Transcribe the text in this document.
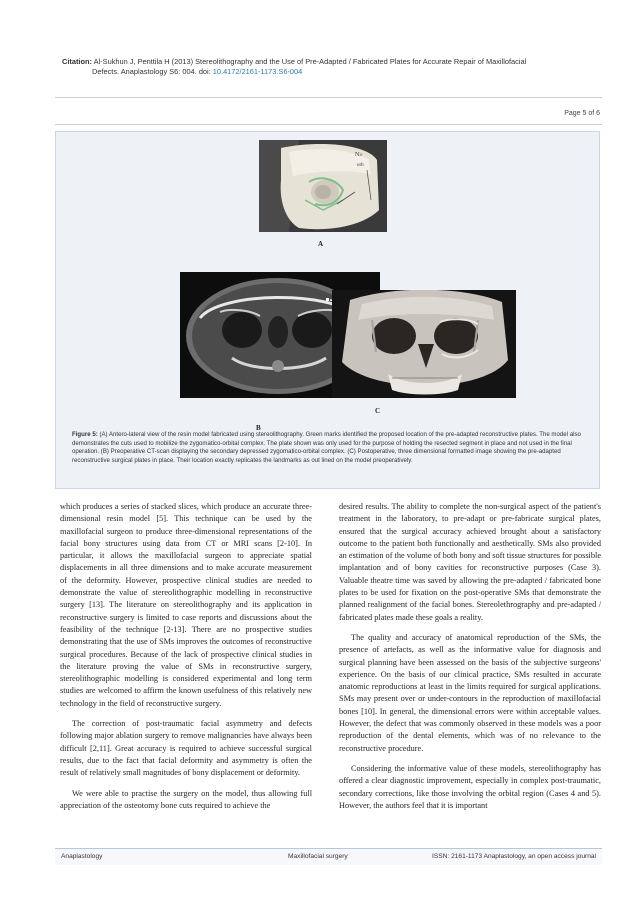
Citation: Al-Sukhun J, Penttila H (2013) Stereolithography and the Use of Pre-Adapted / Fabricated Plates for Accurate Repair of Maxillofacial
Defects. Anaplastology S6: 004. doi: 10.4172/2161-1173.S6-004
Page 5 of 6
N≥
orb
A
B
C
Figure 5: (A) Antero-lateral view of the resin model fabricated using stereolithography. Green marks identified the proposed location of the pre-adapted reconstructive plates. The model also demonstrates the cuts used to mobilize the zygomatico-orbital complex. The plate shown was only used for the purpose of holding the resected segment in place and not used in the final operation. (B) Preoperative CT-scan displaying the secondary depressed zygomatico-orbital complex. (C) Postoperative, three dimensional formatted image showing the pre-adapted reconstructive surgical plates in place. Their location exactly replicates the landmarks as out lined on the model preoperatively.

which produces a series of stacked slices, which produce an accurate three-dimensional resin model [5]. This technique can be used by the maxillofacial surgeon to produce three-dimensional representations of the facial bony structures using data from CT or MRI scans [2-10]. In particular, it allows the maxillofacial surgeon to appreciate spatial displacements in all three dimensions and to make accurate measurement of the deformity. However, prospective clinical studies are needed to demonstrate the value of stereolithographic modelling in reconstructive surgery [13]. The literature on stereolithography and its application in reconstructive surgery is limited to case reports and discussions about the feasibility of the technique [2-13]. There are no prospective studies demonstrating that the use of SMs improves the outcomes of reconstructive surgical procedures. Because of the lack of prospective clinical studies in the literature proving the value of SMs in reconstructive surgery, stereolithographic modelling is considered experimental and long term studies are welcomed to affirm the known usefulness of this relatively new technology in the field of reconstructive surgery.

The correction of post-traumatic facial asymmetry and defects following major ablation surgery to remove malignancies have always been difficult [2,11]. Great accuracy is required to achieve successful surgical results, due to the fact that facial deformity and asymmetry is often the result of relatively small magnitudes of bony displacement or deformity.

We were able to practise the surgery on the model, thus allowing full appreciation of the osteotomy bone cuts required to achieve the

desired results. The ability to complete the non-surgical aspect of the patient's treatment in the laboratory, to pre-adapt or pre-fabricate surgical plates, ensured that the surgical accuracy achieved brought about a satisfactory outcome to the patient both functionally and aesthetically. SMs also provided an estimation of the volume of both bony and soft tissue structures for possible implantation and of bony cavities for reconstructive purposes (Case 3). Valuable theatre time was saved by allowing the pre-adapted / fabricated bone plates to be used for fixation on the post-operative SMs that demonstrate the planned realignment of the facial bones. Stereolethrography and pre-adapted / fabricated plates made these goals a reality.

The quality and accuracy of anatomical reproduction of the SMs, the presence of artefacts, as well as the informative value for diagnosis and surgical planning have been assessed on the basis of the subjective surgeons' experience. On the basis of our clinical practice, SMs resulted in accurate anatomic reproductions at least in the limits required for surgical applications. SMs may present over or under-contours in the reproduction of maxillofacial bones [10]. In general, the dimensional errors were within acceptable values. However, the defect that was commonly observed in these models was a poor reproduction of the dental elements, which was of no relevance to the reconstructive procedure.

Considering the informative value of these models, stereolithography has offered a clear diagnostic improvement, especially in complex post-traumatic, secondary corrections, like those involving the orbital region (Cases 4 and 5). However, the authors feel that it is important

Anaplastology	Maxillofacial surgery	ISSN: 2161-1173 Anaplastology, an open access journal
